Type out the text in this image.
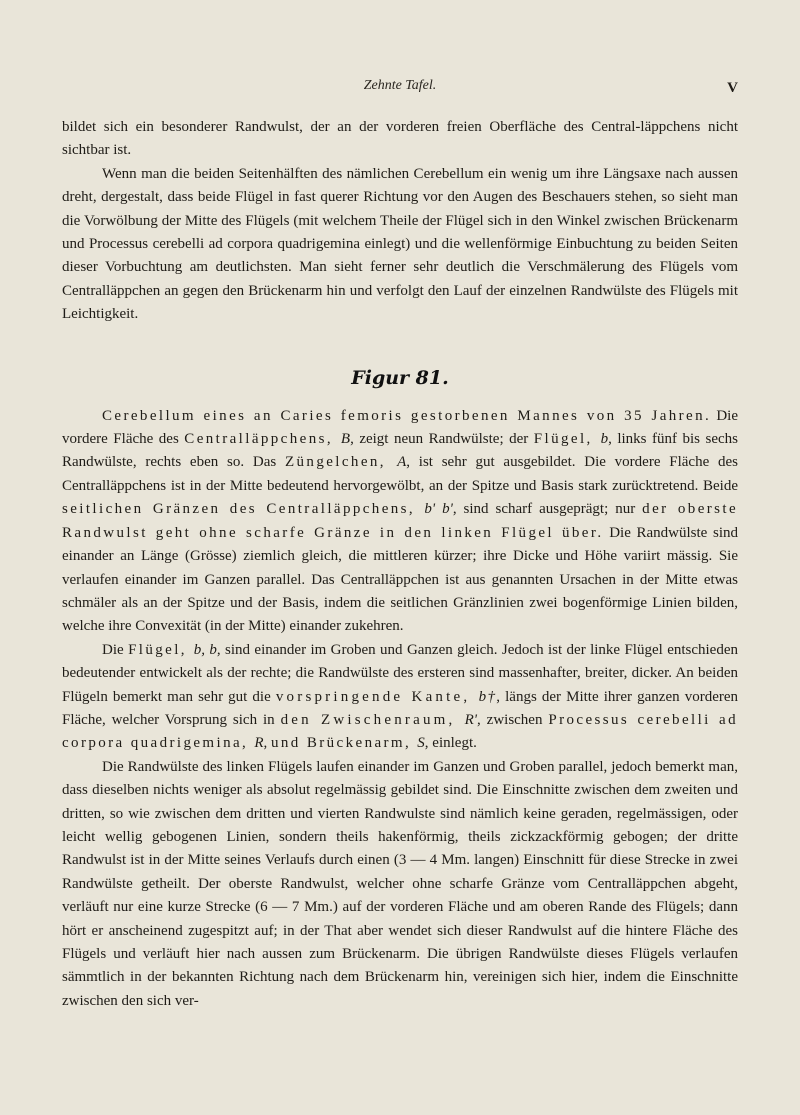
Zehnte Tafel.	V

bildet sich ein besonderer Randwulst, der an der vorderen freien Oberfläche des Central-läppchens nicht sichtbar ist.

Wenn man die beiden Seitenhälften des nämlichen Cerebellum ein wenig um ihre Längsaxe nach aussen dreht, dergestalt, dass beide Flügel in fast querer Richtung vor den Augen des Beschauers stehen, so sieht man die Vorwölbung der Mitte des Flügels (mit welchem Theile der Flügel sich in den Winkel zwischen Brückenarm und Processus cerebelli ad corpora quadrigemina einlegt) und die wellenförmige Einbuchtung zu beiden Seiten dieser Vorbuchtung am deutlichsten. Man sieht ferner sehr deutlich die Verschmälerung des Flügels vom Centralläppchen an gegen den Brückenarm hin und verfolgt den Lauf der einzelnen Randwülste des Flügels mit Leichtigkeit.

Figur 81.

Cerebellum eines an Caries femoris gestorbenen Mannes von 35 Jahren. Die vordere Fläche des Centralläppchens, B, zeigt neun Randwülste; der Flügel, b, links fünf bis sechs Randwülste, rechts eben so. Das Züngelchen, A, ist sehr gut ausgebildet. Die vordere Fläche des Centralläppchens ist in der Mitte bedeutend hervorgewölbt, an der Spitze und Basis stark zurücktretend. Beide seitlichen Gränzen des Centralläppchens, b' b', sind scharf ausgeprägt; nur der oberste Randwulst geht ohne scharfe Gränze in den linken Flügel über. Die Randwülste sind einander an Länge (Grösse) ziemlich gleich, die mittleren kürzer; ihre Dicke und Höhe variirt mässig. Sie verlaufen einander im Ganzen parallel. Das Centralläppchen ist aus genannten Ursachen in der Mitte etwas schmäler als an der Spitze und der Basis, indem die seitlichen Gränzlinien zwei bogenförmige Linien bilden, welche ihre Convexität (in der Mitte) einander zukehren.

Die Flügel, b, b, sind einander im Groben und Ganzen gleich. Jedoch ist der linke Flügel entschieden bedeutender entwickelt als der rechte; die Randwülste des ersteren sind massenhafter, breiter, dicker. An beiden Flügeln bemerkt man sehr gut die vorspringende Kante, b†, längs der Mitte ihrer ganzen vorderen Fläche, welcher Vorsprung sich in den Zwischenraum, R', zwischen Processus cerebelli ad corpora quadrigemina, R, und Brückenarm, S, einlegt.

Die Randwülste des linken Flügels laufen einander im Ganzen und Groben parallel, jedoch bemerkt man, dass dieselben nichts weniger als absolut regelmässig gebildet sind. Die Einschnitte zwischen dem zweiten und dritten, so wie zwischen dem dritten und vierten Randwulste sind nämlich keine geraden, regelmässigen, oder leicht wellig gebogenen Linien, sondern theils hakenförmig, theils zickzackförmig gebogen; der dritte Randwulst ist in der Mitte seines Verlaufs durch einen (3 — 4 Mm. langen) Einschnitt für diese Strecke in zwei Randwülste getheilt. Der oberste Randwulst, welcher ohne scharfe Gränze vom Centralläppchen abgeht, verläuft nur eine kurze Strecke (6 — 7 Mm.) auf der vorderen Fläche und am oberen Rande des Flügels; dann hört er anscheinend zugespitzt auf; in der That aber wendet sich dieser Randwulst auf die hintere Fläche des Flügels und verläuft hier nach aussen zum Brückenarm. Die übrigen Randwülste dieses Flügels verlaufen sämmtlich in der bekannten Richtung nach dem Brückenarm hin, vereinigen sich hier, indem die Einschnitte zwischen den sich ver-
